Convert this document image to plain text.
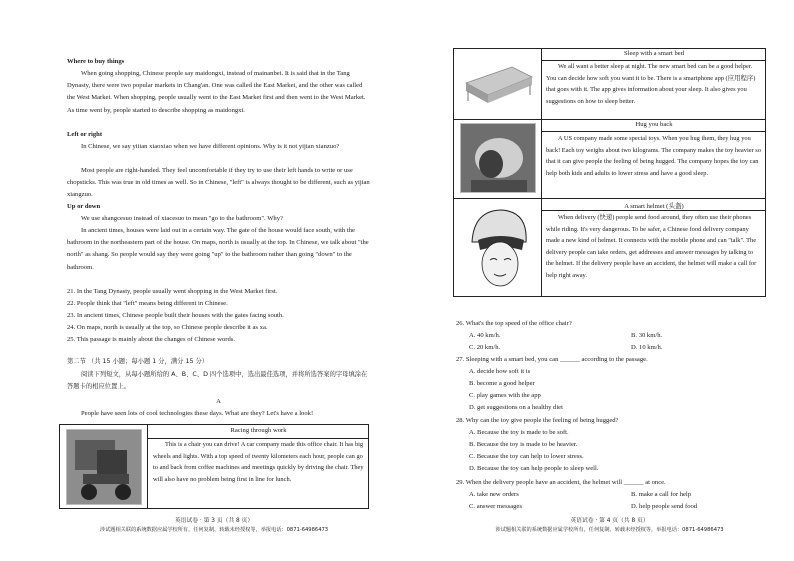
Where to buy things

When going shopping, Chinese people say maidongxi, instead of mainanbei. It is said that in the Tang Dynasty, there were two popular markets in Chang'an. One was called the East Market, and the other was called the West Market. When shopping, people usually went to the East Market first and then went to the West Market. As time went by, people started to describe shopping as maidongxi.

Left or right

In Chinese, we say yiiian xiaoxiao when we have different opinions. Why is it not yijian xianzuo?

Most people are right-handed. They feel uncomfortable if they try to use their left hands to write or use chopsticks. This was true in old times as well. So in Chinese, "left" is always thought to be different, such as yijian xiangzuo.

Up or down

We use shangcesuo instead of xiacesuo to mean "go to the bathroom". Why?

In ancient times, houses were laid out in a certain way. The gate of the house would face south, with the bathroom in the northeastern part of the house. On maps, north is usually at the top. In Chinese, we talk about "the north" as shang. So people would say they were going "up" to the bathroom rather than going "down" to the bathroom.

21. In the Tang Dynasty, people usually went shopping in the West Market first.

22. People think that "left" means being different in Chinese.

23. In ancient times, Chinese people built their houses with the gates facing south.

24. On maps, north is usually at the top, so Chinese people describe it as xa.

25. This passage is mainly about the changes of Chinese words.

第二节 （共 15 小题；每小题 1 分，满分 15 分）

阅读下列短文，从每小题所给的 A、B、C、D 四个选项中，选出最佳选项，并将所选答案的字母填涂在答题卡的相应位置上。

A

People have seen lots of cool technologies these days. What are they? Let's have a look!

Racing through work
This is a chair you can drive! A car company made this office chair. It has big wheels and lights. With a top speed of twenty kilometers each hour, people can go to and back from coffee machines and meetings quickly by driving the chair. They will also have no problem being first in line for lunch.
英语试卷 · 第 3 页（共 8 页）
涉试题相关联的系统数据应属学校所有，任何复制、转载未经授权等，举报电话：0871-64986473
Sleep with a smart bed
We all want a better sleep at night. The new smart bed can be a good helper. You can decide how soft you want it to be. There is a smartphone app (应用程序) that goes with it. The app gives information about your sleep. It also gives you suggestions on how to sleep better.
Hug you back
A US company made some special toys. When you hug them, they hug you back! Each toy weighs about two kilograms. The company makes the toy heavier so that it can give people the feeling of being hugged. The company hopes the toy can help both kids and adults to lower stress and have a good sleep.
A smart helmet (头盔)
When delivery (快递) people send food around, they often use their phones while riding. It's very dangerous. To be safer, a Chinese food delivery company made a new kind of helmet. It connects with the mobile phone and can "talk". The delivery people can take orders, get addresses and answer messages by talking to the helmet. If the delivery people have an accident, the helmet will make a call for help right away.

26. What's the top speed of the office chair?

A. 40 km/h.	B. 30 km/h.

C. 20 km/h.	D. 10 km/h.

27. Sleeping with a smart bed, you can ______ according to the passage.

A. decide how soft it is

B. become a good helper

C. play games with the app

D. get suggestions on a healthy diet

28. Why can the toy give people the feeling of being hugged?

A. Because the toy is made to be soft.

B. Because the toy is made to be heavier.

C. Because the toy can help to lower stress.

D. Because the toy can help people to sleep well.

29. When the delivery people have an accident, the helmet will ______ at once.

A. take new orders	B. make a call for help

C. answer messages	D. help people send food

英语试卷 · 第 4 页（共 8 页）
涉试题相关联的系统数据应属学校所有，任何复制、转载未经授权等，举报电话：0871-64986473
